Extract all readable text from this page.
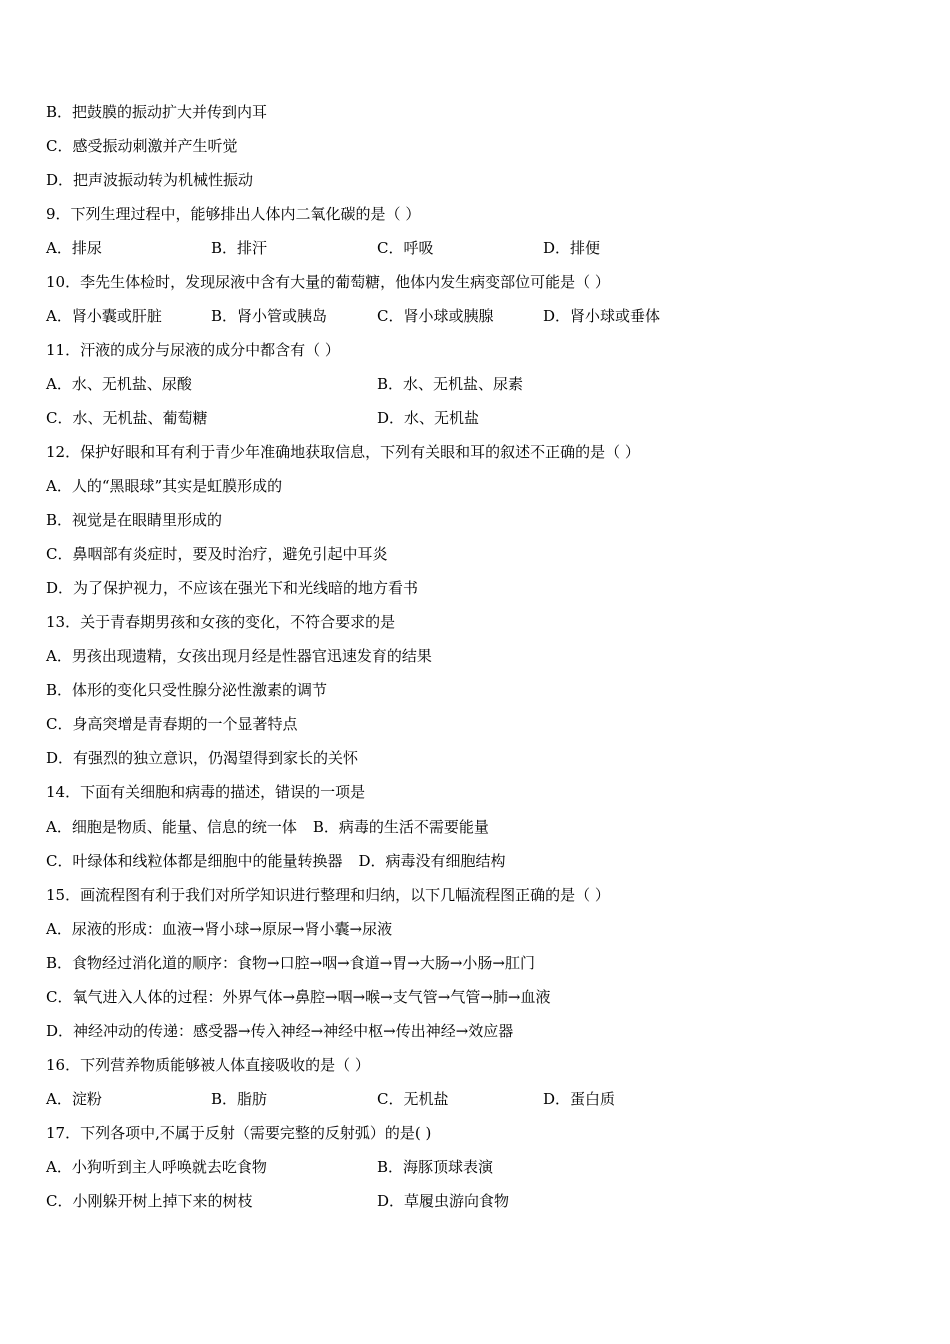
B．把鼓膜的振动扩大并传到内耳
C．感受振动刺激并产生听觉
D．把声波振动转为机械性振动
9．下列生理过程中，能够排出人体内二氧化碳的是（ ）
A．排尿	B．排汗	C．呼吸	D．排便
10．李先生体检时，发现尿液中含有大量的葡萄糖，他体内发生病变部位可能是（ ）
A．肾小囊或肝脏	B．肾小管或胰岛	C．肾小球或胰腺	D．肾小球或垂体
11．汗液的成分与尿液的成分中都含有（ ）
A．水、无机盐、尿酸	B．水、无机盐、尿素
C．水、无机盐、葡萄糖	D．水、无机盐
12．保护好眼和耳有利于青少年准确地获取信息，下列有关眼和耳的叙述不正确的是（ ）
A．人的“黑眼球”其实是虹膜形成的
B．视觉是在眼睛里形成的
C．鼻咽部有炎症时，要及时治疗，避免引起中耳炎
D．为了保护视力，不应该在强光下和光线暗的地方看书
13．关于青春期男孩和女孩的变化，不符合要求的是
A．男孩出现遗精，女孩出现月经是性器官迅速发育的结果
B．体形的变化只受性腺分泌性激素的调节
C．身高突增是青春期的一个显著特点
D．有强烈的独立意识，仍渴望得到家长的关怀
14．下面有关细胞和病毒的描述，错误的一项是
A．细胞是物质、能量、信息的统一体 B．病毒的生活不需要能量
C．叶绿体和线粒体都是细胞中的能量转换器 D．病毒没有细胞结构
15．画流程图有利于我们对所学知识进行整理和归纳，以下几幅流程图正确的是（ ）
A．尿液的形成：血液→肾小球→原尿→肾小囊→尿液
B．食物经过消化道的顺序：食物→口腔→咽→食道→胃→大肠→小肠→肛门
C．氧气进入人体的过程：外界气体→鼻腔→咽→喉→支气管→气管→肺→血液
D．神经冲动的传递：感受器→传入神经→神经中枢→传出神经→效应器
16．下列营养物质能够被人体直接吸收的是（ ）
A．淀粉	B．脂肪	C．无机盐	D．蛋白质
17．下列各项中,不属于反射（需要完整的反射弧）的是( )
A．小狗听到主人呼唤就去吃食物	B．海豚顶球表演
C．小刚躲开树上掉下来的树枝	D．草履虫游向食物
